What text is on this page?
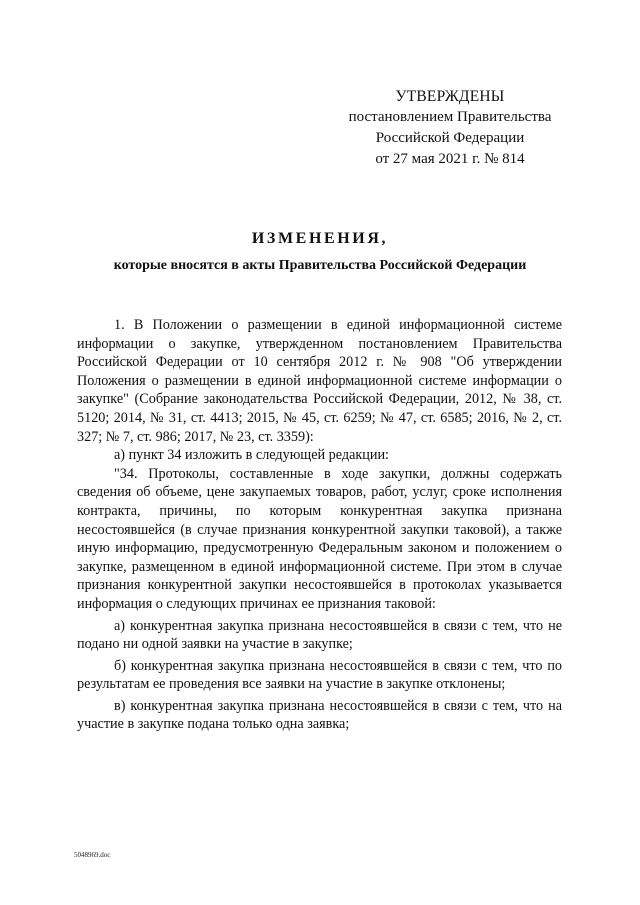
УТВЕРЖДЕНЫ
постановлением Правительства
Российской Федерации
от 27 мая 2021 г. № 814
ИЗМЕНЕНИЯ,
которые вносятся в акты Правительства Российской Федерации

1. В Положении о размещении в единой информационной системе информации о закупке, утвержденном постановлением Правительства Российской Федерации от 10 сентября 2012 г. № 908 "Об утверждении Положения о размещении в единой информационной системе информации о закупке" (Собрание законодательства Российской Федерации, 2012, № 38, ст. 5120; 2014, № 31, ст. 4413; 2015, № 45, ст. 6259; № 47, ст. 6585; 2016, № 2, ст. 327; № 7, ст. 986; 2017, № 23, ст. 3359):

а) пункт 34 изложить в следующей редакции:

"34. Протоколы, составленные в ходе закупки, должны содержать сведения об объеме, цене закупаемых товаров, работ, услуг, сроке исполнения контракта, причины, по которым конкурентная закупка признана несостоявшейся (в случае признания конкурентной закупки таковой), а также иную информацию, предусмотренную Федеральным законом и положением о закупке, размещенном в единой информационной системе. При этом в случае признания конкурентной закупки несостоявшейся в протоколах указывается информация о следующих причинах ее признания таковой:

а) конкурентная закупка признана несостоявшейся в связи с тем, что не подано ни одной заявки на участие в закупке;

б) конкурентная закупка признана несостоявшейся в связи с тем, что по результатам ее проведения все заявки на участие в закупке отклонены;

в) конкурентная закупка признана несостоявшейся в связи с тем, что на участие в закупке подана только одна заявка;

5048969.doc
